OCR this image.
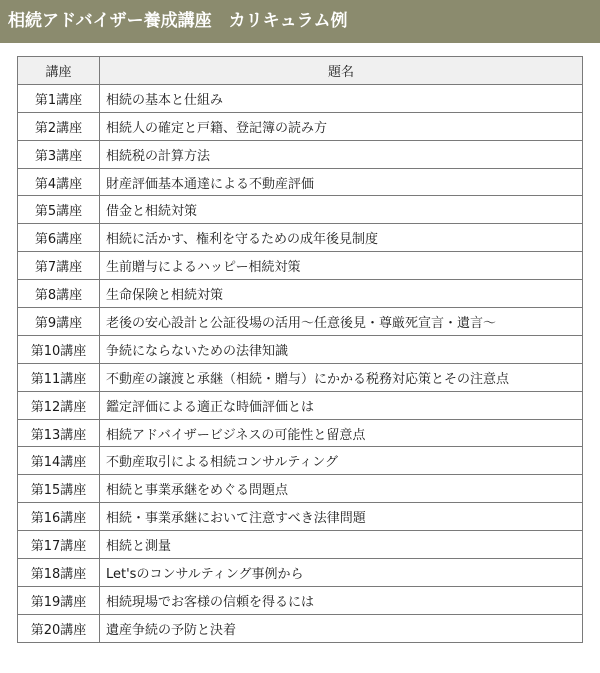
相続アドバイザー養成講座　カリキュラム例
講座	題名
第1講座	相続の基本と仕組み
第2講座	相続人の確定と戸籍、登記簿の読み方
第3講座	相続税の計算方法
第4講座	財産評価基本通達による不動産評価
第5講座	借金と相続対策
第6講座	相続に活かす、権利を守るための成年後見制度
第7講座	生前贈与によるハッピー相続対策
第8講座	生命保険と相続対策
第9講座	老後の安心設計と公証役場の活用～任意後見・尊厳死宣言・遺言～
第10講座	争続にならないための法律知識
第11講座	不動産の譲渡と承継（相続・贈与）にかかる税務対応策とその注意点
第12講座	鑑定評価による適正な時価評価とは
第13講座	相続アドバイザービジネスの可能性と留意点
第14講座	不動産取引による相続コンサルティング
第15講座	相続と事業承継をめぐる問題点
第16講座	相続・事業承継において注意すべき法律問題
第17講座	相続と測量
第18講座	Let'sのコンサルティング事例から
第19講座	相続現場でお客様の信頼を得るには
第20講座	遺産争続の予防と決着
